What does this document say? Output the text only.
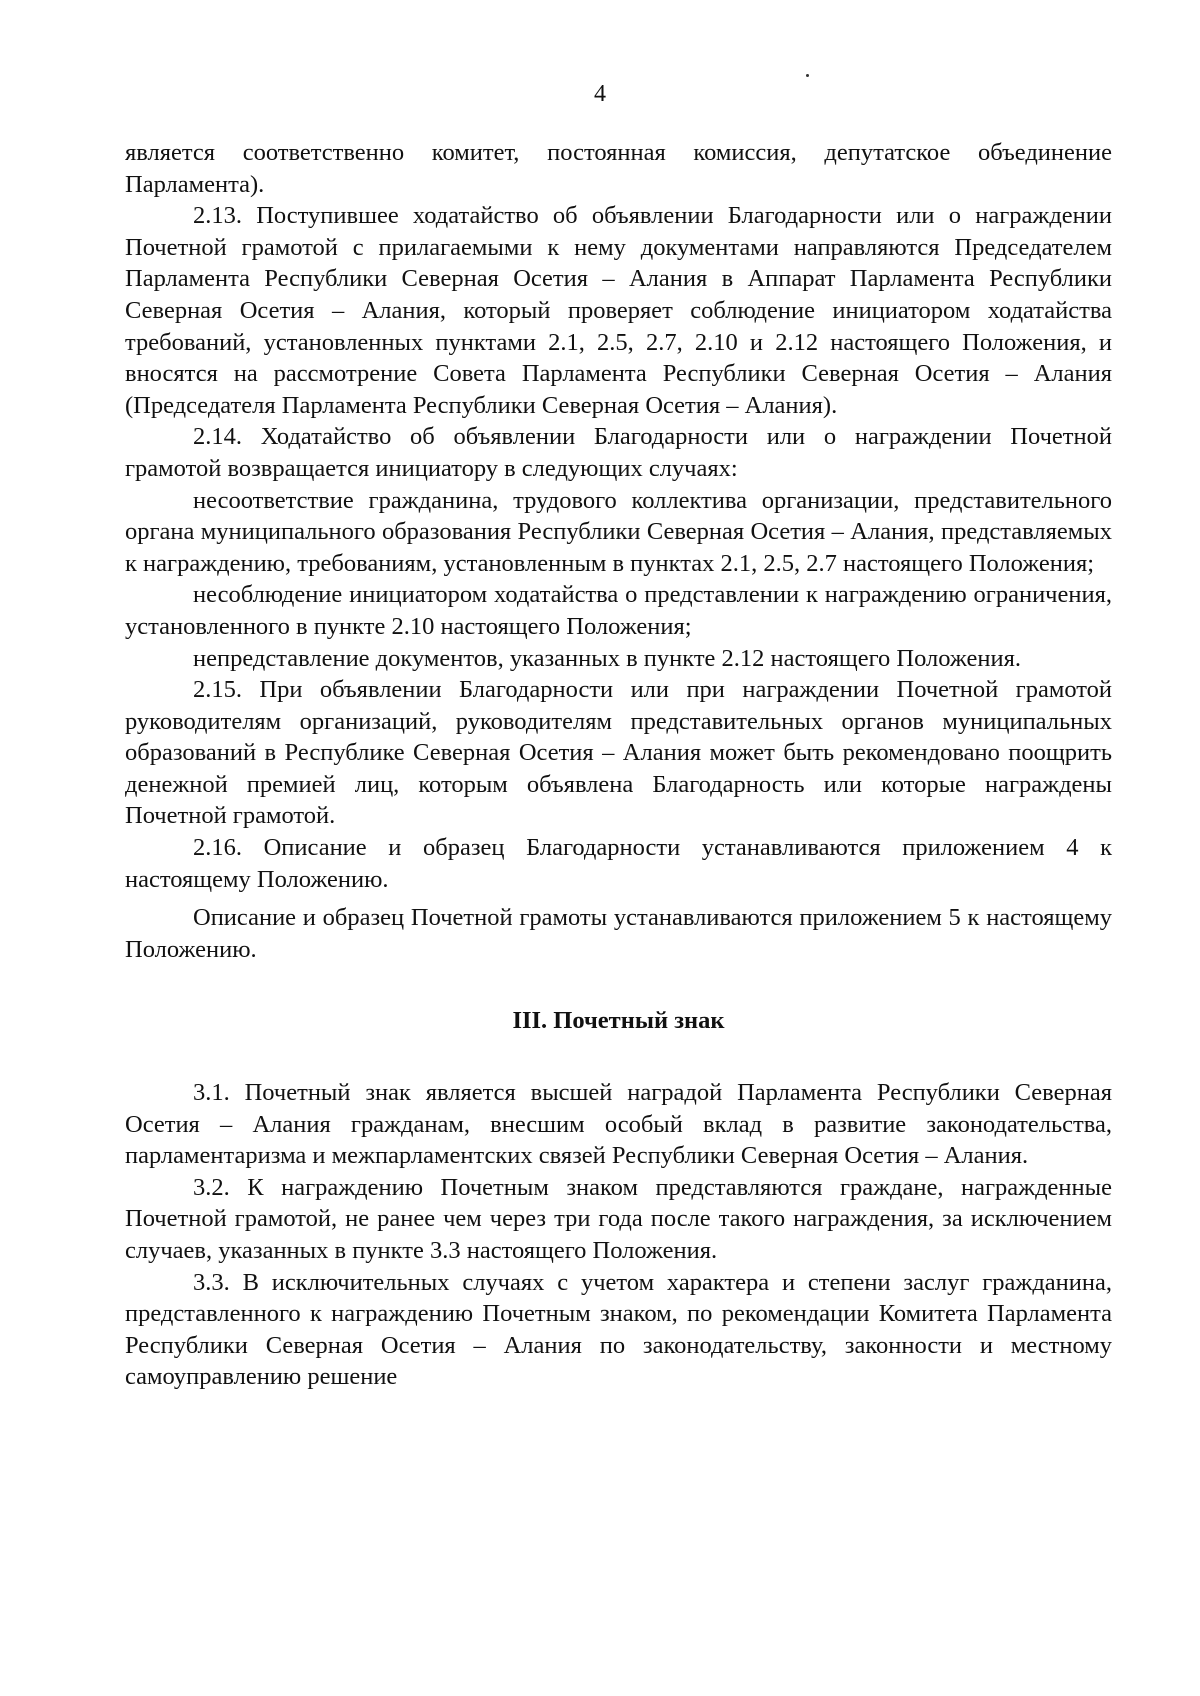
4

является соответственно комитет, постоянная комиссия, депутатское объединение Парламента).

2.13. Поступившее ходатайство об объявлении Благодарности или о награждении Почетной грамотой с прилагаемыми к нему документами направляются Председателем Парламента Республики Северная Осетия – Алания в Аппарат Парламента Республики Северная Осетия – Алания, который проверяет соблюдение инициатором ходатайства требований, установленных пунктами 2.1, 2.5, 2.7, 2.10 и 2.12 настоящего Положения, и вносятся на рассмотрение Совета Парламента Республики Северная Осетия – Алания (Председателя Парламента Республики Северная Осетия – Алания).

2.14. Ходатайство об объявлении Благодарности или о награждении Почетной грамотой возвращается инициатору в следующих случаях:

несоответствие гражданина, трудового коллектива организации, представительного органа муниципального образования Республики Северная Осетия – Алания, представляемых к награждению, требованиям, установленным в пунктах 2.1, 2.5, 2.7 настоящего Положения;

несоблюдение инициатором ходатайства о представлении к награждению ограничения, установленного в пункте 2.10 настоящего Положения;

непредставление документов, указанных в пункте 2.12 настоящего Положения.

2.15. При объявлении Благодарности или при награждении Почетной грамотой руководителям организаций, руководителям представительных органов муниципальных образований в Республике Северная Осетия – Алания может быть рекомендовано поощрить денежной премией лиц, которым объявлена Благодарность или которые награждены Почетной грамотой.

2.16. Описание и образец Благодарности устанавливаются приложением 4 к настоящему Положению.

Описание и образец Почетной грамоты устанавливаются приложением 5 к настоящему Положению.

III. Почетный знак

3.1. Почетный знак является высшей наградой Парламента Республики Северная Осетия – Алания гражданам, внесшим особый вклад в развитие законодательства, парламентаризма и межпарламентских связей Республики Северная Осетия – Алания.

3.2. К награждению Почетным знаком представляются граждане, награжденные Почетной грамотой, не ранее чем через три года после такого награждения, за исключением случаев, указанных в пункте 3.3 настоящего Положения.

3.3. В исключительных случаях с учетом характера и степени заслуг гражданина, представленного к награждению Почетным знаком, по рекомендации Комитета Парламента Республики Северная Осетия – Алания по законодательству, законности и местному самоуправлению решение
